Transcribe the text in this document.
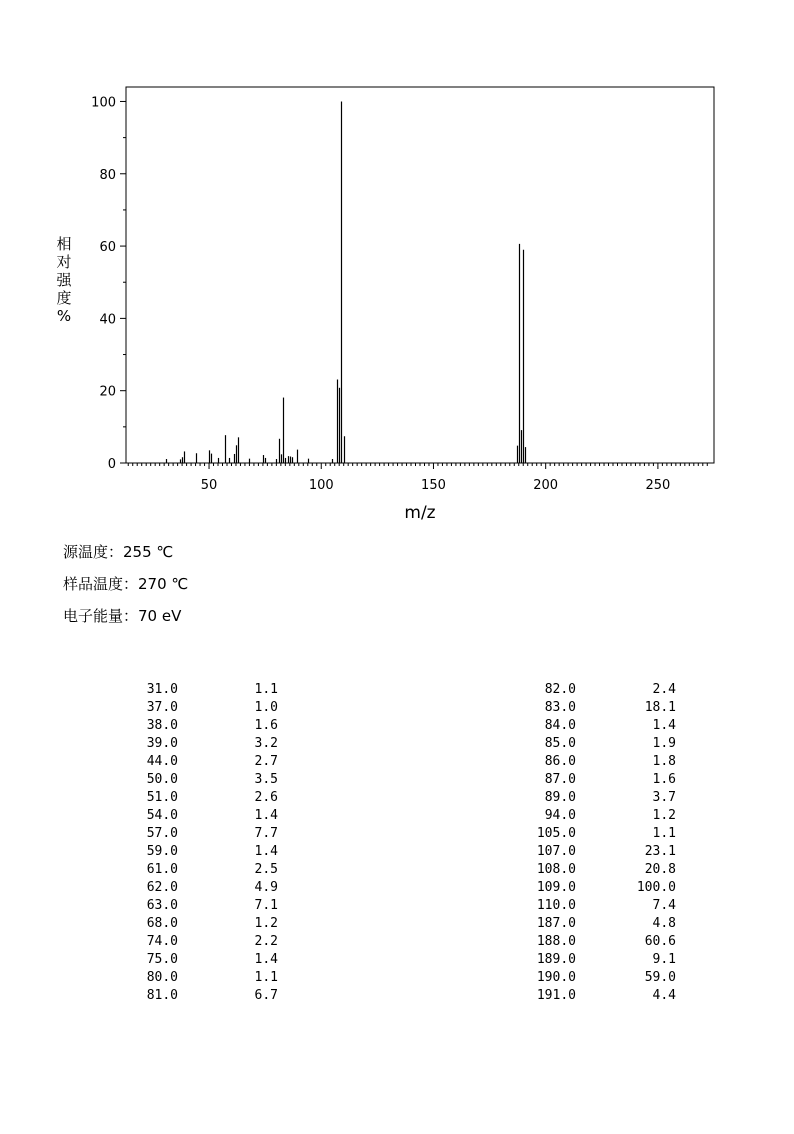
0
20
40
60
80
100
50	100	150	200	250
m/z
相
对
强
度
%
源温度：255 ℃
样品温度：270 ℃
电子能量：70 eV
31.0	1.1
37.0	1.0
38.0	1.6
39.0	3.2
44.0	2.7
50.0	3.5
51.0	2.6
54.0	1.4
57.0	7.7
59.0	1.4
61.0	2.5
62.0	4.9
63.0	7.1
68.0	1.2
74.0	2.2
75.0	1.4
80.0	1.1
81.0	6.7
82.0	2.4
83.0	18.1
84.0	1.4
85.0	1.9
86.0	1.8
87.0	1.6
89.0	3.7
94.0	1.2
105.0	1.1
107.0	23.1
108.0	20.8
109.0	100.0
110.0	7.4
187.0	4.8
188.0	60.6
189.0	9.1
190.0	59.0
191.0	4.4
